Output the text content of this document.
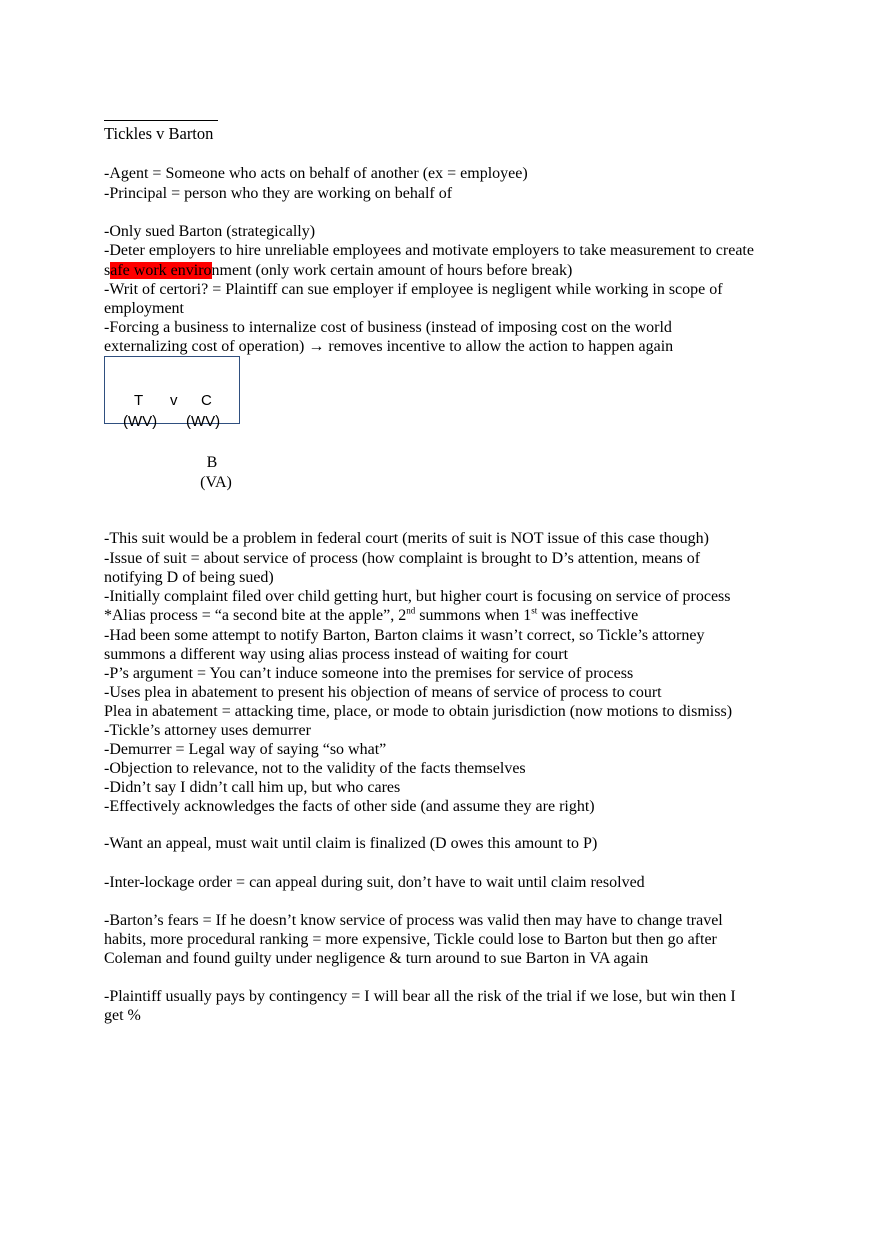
Tickles v Barton
-Agent = Someone who acts on behalf of another (ex = employee)
-Principal = person who they are working on behalf of
-Only sued Barton (strategically)
-Deter employers to hire unreliable employees and motivate employers to take measurement to create
safe work environment (only work certain amount of hours before break)
-Writ of certori? = Plaintiff can sue employer if employee is negligent while working in scope of
employment
-Forcing a business to internalize cost of business (instead of imposing cost on the world
externalizing cost of operation) → removes incentive to allow the action to happen again
T v C
(WV) (WV)
B
(VA)
-This suit would be a problem in federal court (merits of suit is NOT issue of this case though)
-Issue of suit = about service of process (how complaint is brought to D’s attention, means of
notifying D of being sued)
-Initially complaint filed over child getting hurt, but higher court is focusing on service of process
*Alias process = “a second bite at the apple”, 2nd summons when 1st was ineffective
-Had been some attempt to notify Barton, Barton claims it wasn’t correct, so Tickle’s attorney
summons a different way using alias process instead of waiting for court
-P’s argument = You can’t induce someone into the premises for service of process
-Uses plea in abatement to present his objection of means of service of process to court
Plea in abatement = attacking time, place, or mode to obtain jurisdiction (now motions to dismiss)
-Tickle’s attorney uses demurrer
-Demurrer = Legal way of saying “so what”
-Objection to relevance, not to the validity of the facts themselves
-Didn’t say I didn’t call him up, but who cares
-Effectively acknowledges the facts of other side (and assume they are right)
-Want an appeal, must wait until claim is finalized (D owes this amount to P)
-Inter-lockage order = can appeal during suit, don’t have to wait until claim resolved
-Barton’s fears = If he doesn’t know service of process was valid then may have to change travel
habits, more procedural ranking = more expensive, Tickle could lose to Barton but then go after
Coleman and found guilty under negligence & turn around to sue Barton in VA again
-Plaintiff usually pays by contingency = I will bear all the risk of the trial if we lose, but win then I
get %
